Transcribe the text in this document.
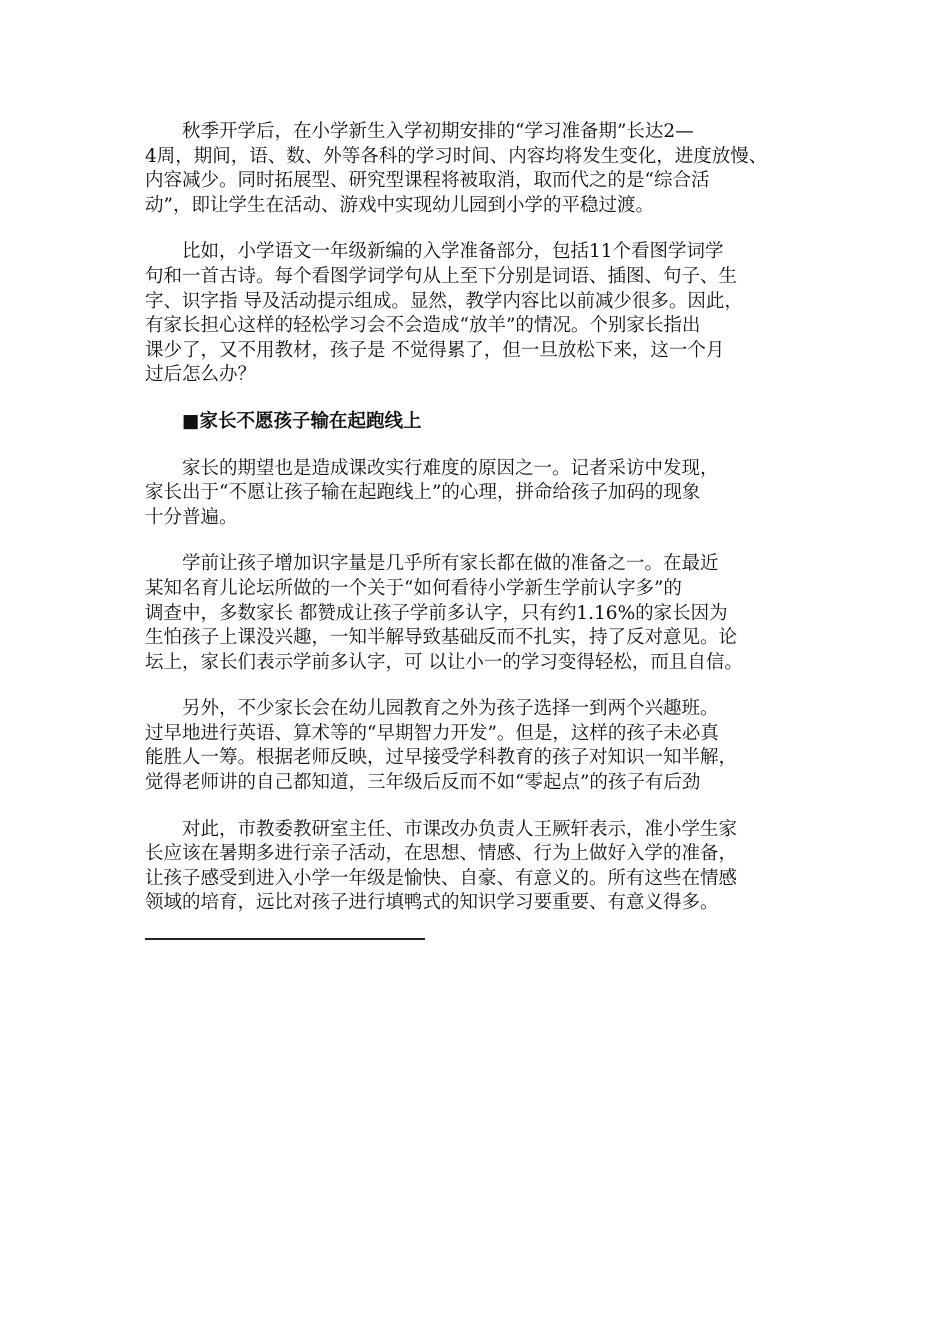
秋季开学后，在小学新生入学初期安排的“学习准备期”长达2—
4周，期间，语、数、外等各科的学习时间、内容均将发生变化，进度放慢、
内容减少。同时拓展型、研究型课程将被取消，取而代之的是“综合活
动”，即让学生在活动、游戏中实现幼儿园到小学的平稳过渡。

比如，小学语文一年级新编的入学准备部分，包括11个看图学词学
句和一首古诗。每个看图学词学句从上至下分别是词语、插图、句子、生
字、识字指 导及活动提示组成。显然，教学内容比以前减少很多。因此，
有家长担心这样的轻松学习会不会造成“放羊”的情况。个别家长指出
课少了，又不用教材，孩子是 不觉得累了，但一旦放松下来，这一个月
过后怎么办？

■家长不愿孩子输在起跑线上

家长的期望也是造成课改实行难度的原因之一。记者采访中发现，
家长出于“不愿让孩子输在起跑线上”的心理，拼命给孩子加码的现象
十分普遍。

学前让孩子增加识字量是几乎所有家长都在做的准备之一。在最近
某知名育儿论坛所做的一个关于“如何看待小学新生学前认字多”的
调查中，多数家长 都赞成让孩子学前多认字，只有约1.16%的家长因为
生怕孩子上课没兴趣，一知半解导致基础反而不扎实，持了反对意见。论
坛上，家长们表示学前多认字，可 以让小一的学习变得轻松，而且自信。

另外，不少家长会在幼儿园教育之外为孩子选择一到两个兴趣班。
过早地进行英语、算术等的“早期智力开发”。但是，这样的孩子未必真
能胜人一筹。根据老师反映，过早接受学科教育的孩子对知识一知半解，
觉得老师讲的自己都知道，三年级后反而不如“零起点”的孩子有后劲

对此，市教委教研室主任、市课改办负责人王厥轩表示，准小学生家
长应该在暑期多进行亲子活动，在思想、情感、行为上做好入学的准备，
让孩子感受到进入小学一年级是愉快、自豪、有意义的。所有这些在情感
领域的培育，远比对孩子进行填鸭式的知识学习要重要、有意义得多。
